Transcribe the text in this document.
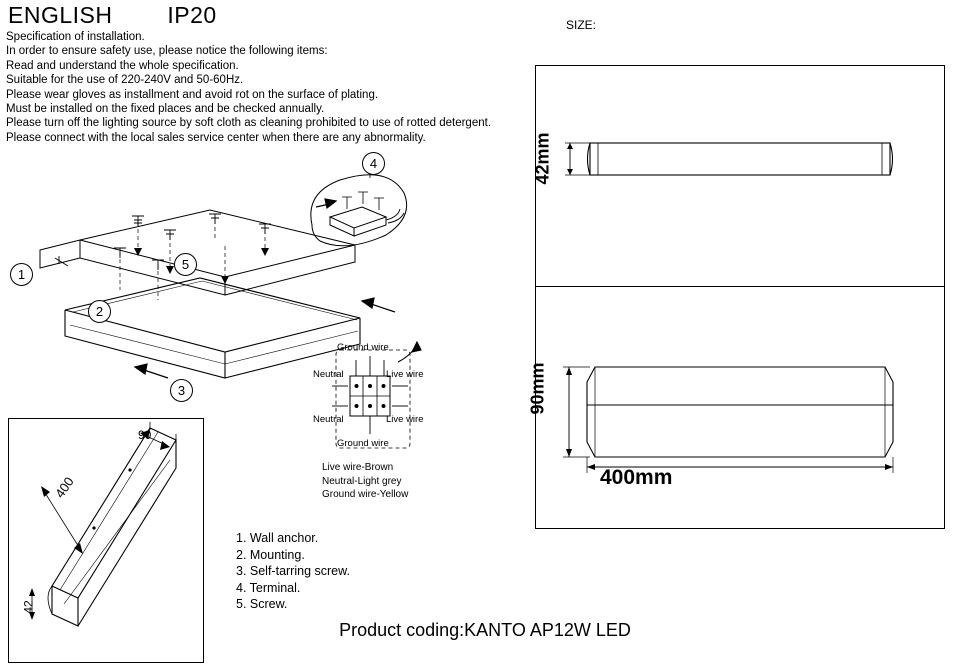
ENGLISH IP20
Specification of installation.
In order to ensure safety use, please notice the following items:
Read and understand the whole specification.
Suitable for the use of 220-240V and 50-60Hz.
Please wear gloves as installment and avoid rot on the surface of plating.
Must be installed on the fixed places and be checked annually.
Please turn off the lighting source by soft cloth as cleaning prohibited to use of rotted detergent.
Please connect with the local sales service center when there are any abnormality.
SIZE:
42mm
90mm
400mm
1
2
3
4
5
Ground wire
Neutral	Live wire
Neutral	Live wire
Ground wire
Live wire-Brown
Neutral-Light grey
Ground wire-Yellow
90
400
42
1. Wall anchor.
2. Mounting.
3. Self-tarring screw.
4. Terminal.
5. Screw.
Product coding:KANTO AP12W LED
